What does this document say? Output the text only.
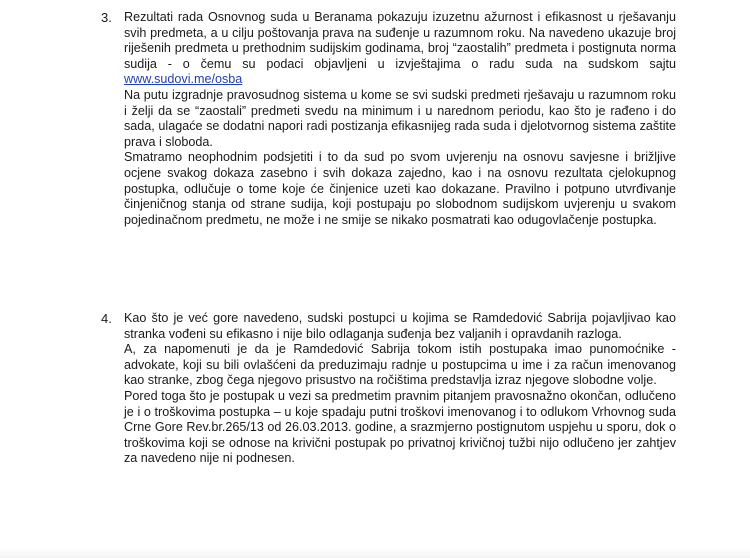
3. Rezultati rada Osnovnog suda u Beranama pokazuju izuzetnu ažurnost i efikasnost u rješavanju svih predmeta, a u cilju poštovanja prava na suđenje u razumnom roku. Na navedeno ukazuje broj riješenih predmeta u prethodnim sudijskim godinama, broj “zaostalih” predmeta i postignuta norma sudija - o čemu su podaci objavljeni u izvještajima o radu suda na sudskom sajtu www.sudovi.me/osba

Na putu izgradnje pravosudnog sistema u kome se svi sudski predmeti rješavaju u razumnom roku i želji da se “zaostali” predmeti svedu na minimum i u narednom periodu, kao što je rađeno i do sada, ulagaće se dodatni napori radi postizanja efikasnijeg rada suda i djelotvornog sistema zaštite prava i sloboda.

Smatramo neophodnim podsjetiti i to da sud po svom uvjerenju na osnovu savjesne i brižljive ocjene svakog dokaza zasebno i svih dokaza zajedno, kao i na osnovu rezultata cjelokupnog postupka, odlučuje o tome koje će činjenice uzeti kao dokazane. Pravilno i potpuno utvrđivanje činjeničnog stanja od strane sudija, koji postupaju po slobodnom sudijskom uvjerenju u svakom pojedinačnom predmetu, ne može i ne smije se nikako posmatrati kao odugovlačenje postupka.

4. Kao što je već gore navedeno, sudski postupci u kojima se Ramdedović Sabrija pojavljivao kao stranka vođeni su efikasno i nije bilo odlaganja suđenja bez valjanih i opravdanih razloga.

A, za napomenuti je da je Ramdedović Sabrija tokom istih postupaka imao punomoćnike - advokate, koji su bili ovlašćeni da preduzimaju radnje u postupcima u ime i za račun imenovanog kao stranke, zbog čega njegovo prisustvo na ročištima predstavlja izraz njegove slobodne volje.

Pored toga što je postupak u vezi sa predmetim pravnim pitanjem pravosnažno okončan, odlučeno je i o troškovima postupka – u koje spadaju putni troškovi imenovanog i to odlukom Vrhovnog suda Crne Gore Rev.br.265/13 od 26.03.2013. godine, a srazmjerno postignutom uspjehu u sporu, dok o troškovima koji se odnose na krivični postupak po privatnoj krivičnoj tužbi nijo odlučeno jer zahtjev za navedeno nije ni podnesen.
